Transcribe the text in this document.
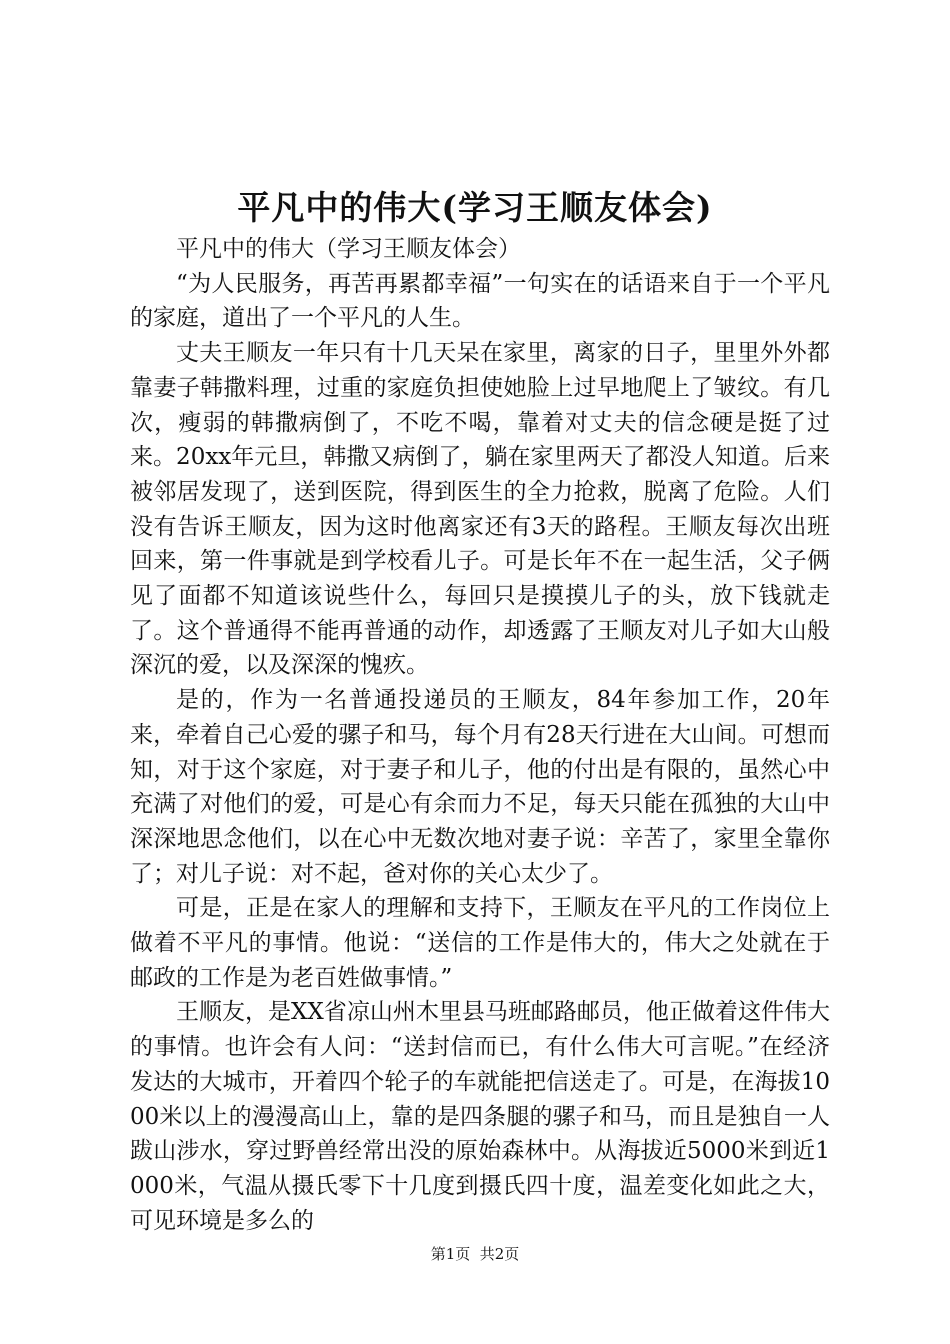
平凡中的伟大(学习王顺友体会)

平凡中的伟大（学习王顺友体会）

“为人民服务，再苦再累都幸福”一句实在的话语来自于一个平凡的家庭，道出了一个平凡的人生。

丈夫王顺友一年只有十几天呆在家里，离家的日子，里里外外都靠妻子韩撒料理，过重的家庭负担使她脸上过早地爬上了皱纹。有几次，瘦弱的韩撒病倒了，不吃不喝，靠着对丈夫的信念硬是挺了过来。20xx年元旦，韩撒又病倒了，躺在家里两天了都没人知道。后来被邻居发现了，送到医院，得到医生的全力抢救，脱离了危险。人们没有告诉王顺友，因为这时他离家还有3天的路程。王顺友每次出班回来，第一件事就是到学校看儿子。可是长年不在一起生活，父子俩见了面都不知道该说些什么，每回只是摸摸儿子的头，放下钱就走了。这个普通得不能再普通的动作，却透露了王顺友对儿子如大山般深沉的爱，以及深深的愧疚。

是的，作为一名普通投递员的王顺友，84年参加工作，20年来，牵着自己心爱的骡子和马，每个月有28天行进在大山间。可想而知，对于这个家庭，对于妻子和儿子，他的付出是有限的，虽然心中充满了对他们的爱，可是心有余而力不足，每天只能在孤独的大山中深深地思念他们，以在心中无数次地对妻子说：辛苦了，家里全靠你了；对儿子说：对不起，爸对你的关心太少了。

可是，正是在家人的理解和支持下，王顺友在平凡的工作岗位上做着不平凡的事情。他说：“送信的工作是伟大的，伟大之处就在于邮政的工作是为老百姓做事情。”

王顺友，是XX省凉山州木里县马班邮路邮员，他正做着这件伟大的事情。也许会有人问：“送封信而已，有什么伟大可言呢。”在经济发达的大城市，开着四个轮子的车就能把信送走了。可是，在海拔1000米以上的漫漫高山上，靠的是四条腿的骡子和马，而且是独自一人跋山涉水，穿过野兽经常出没的原始森林中。从海拔近5000米到近1000米，气温从摄氏零下十几度到摄氏四十度，温差变化如此之大，可见环境是多么的

第1页  共2页
